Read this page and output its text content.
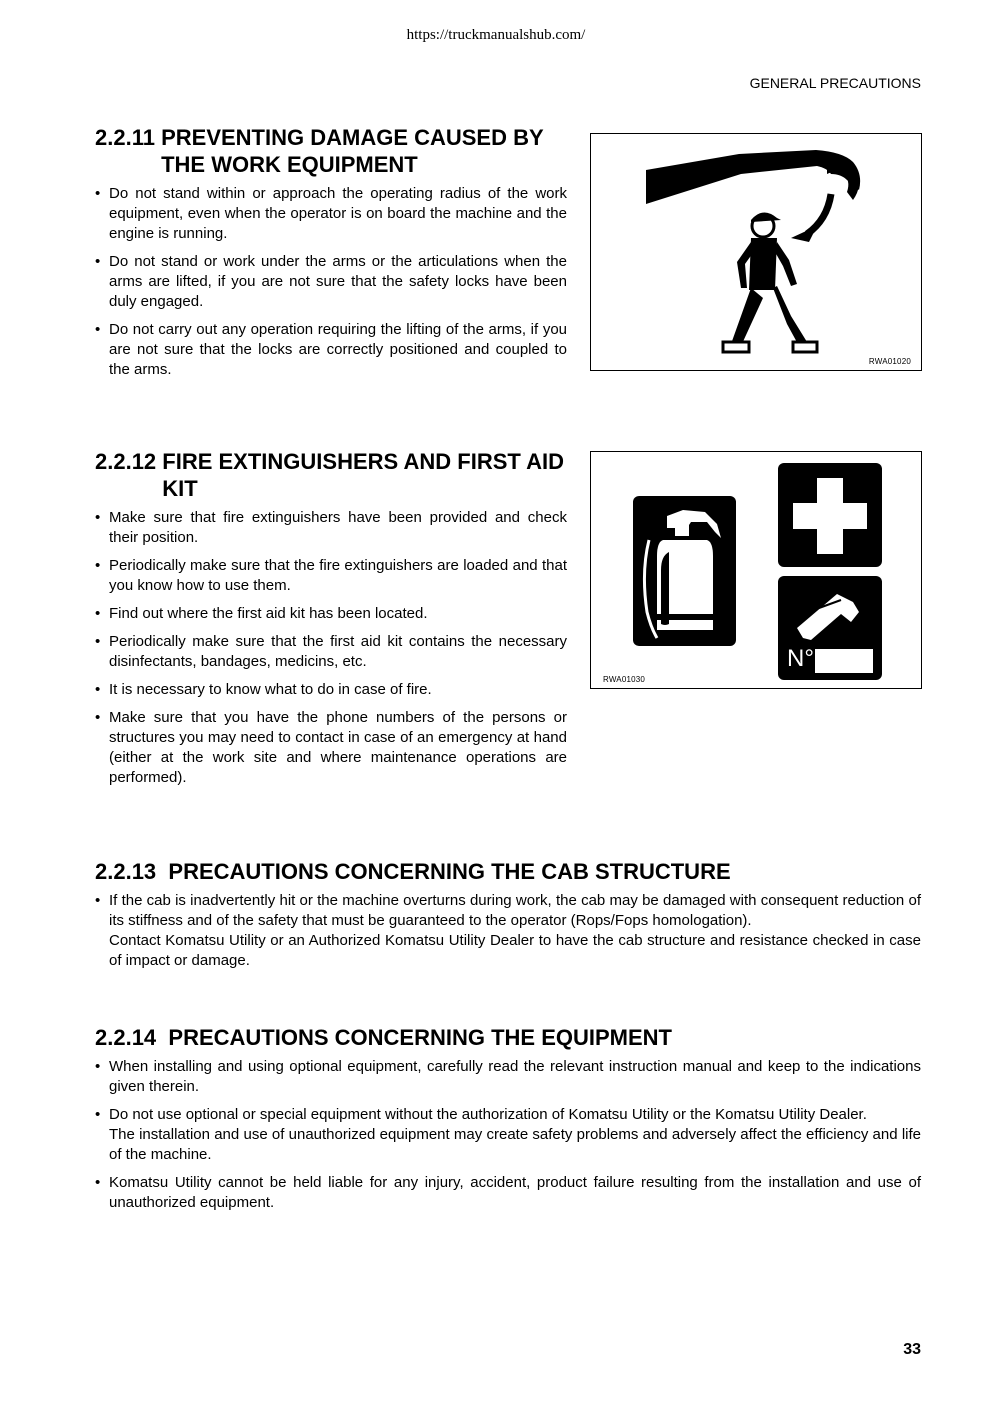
https://truckmanualshub.com/
GENERAL PRECAUTIONS
2.2.11 PREVENTING DAMAGE CAUSED BY THE WORK EQUIPMENT
• Do not stand within or approach the operating radius of the work equipment, even when the operator is on board the machine and the engine is running.
• Do not stand or work under the arms or the articulations when the arms are lifted, if you are not sure that the safety locks have been duly engaged.
• Do not carry out any operation requiring the lifting of the arms, if you are not sure that the locks are correctly positioned and coupled to the arms.	RWA01020
2.2.12 FIRE EXTINGUISHERS AND FIRST AID KIT
• Make sure that fire extinguishers have been provided and check their position.
• Periodically make sure that the fire extinguishers are loaded and that you know how to use them.
• Find out where the first aid kit has been located.
• Periodically make sure that the first aid kit contains the necessary disinfectants, bandages, medicins, etc.
• It is necessary to know what to do in case of fire.
• Make sure that you have the phone numbers of the persons or structures you may need to contact in case of an emergency at hand (either at the work site and where maintenance operations are performed).
N°
RWA01030
2.2.13 PRECAUTIONS CONCERNING THE CAB STRUCTURE
• If the cab is inadvertently hit or the machine overturns during work, the cab may be damaged with consequent reduction of its stiffness and of the safety that must be guaranteed to the operator (Rops/Fops homologation).
Contact Komatsu Utility or an Authorized Komatsu Utility Dealer to have the cab structure and resistance checked in case of impact or damage.
2.2.14 PRECAUTIONS CONCERNING THE EQUIPMENT
• When installing and using optional equipment, carefully read the relevant instruction manual and keep to the indications given therein.
• Do not use optional or special equipment without the authorization of Komatsu Utility or the Komatsu Utility Dealer.
The installation and use of unauthorized equipment may create safety problems and adversely affect the efficiency and life of the machine.
• Komatsu Utility cannot be held liable for any injury, accident, product failure resulting from the installation and use of unauthorized equipment.
33
